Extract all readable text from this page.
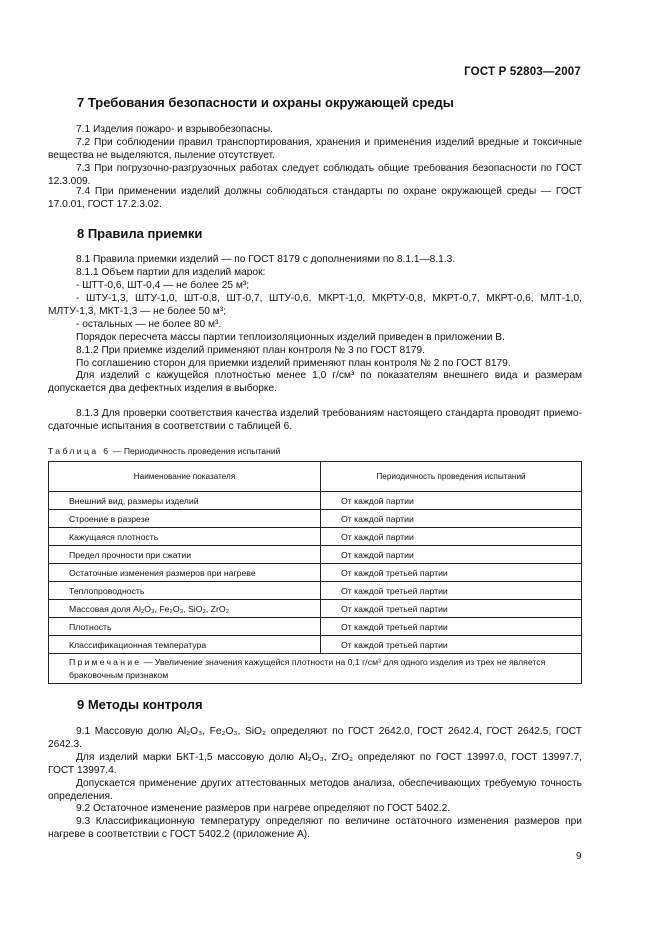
ГОСТ Р 52803—2007
7 Требования безопасности и охраны окружающей среды

7.1 Изделия пожаро- и взрывобезопасны.

7.2 При соблюдении правил транспортирования, хранения и применения изделий вредные и токсичные вещества не выделяются, пыление отсутствует.

7.3 При погрузочно-разгрузочных работах следует соблюдать общие требования безопасности по ГОСТ 12.3.009.

7.4 При применении изделий должны соблюдаться стандарты по охране окружающей среды — ГОСТ 17.0.01, ГОСТ 17.2.3.02.

8 Правила приемки

8.1 Правила приемки изделий — по ГОСТ 8179 с дополнениями по 8.1.1—8.1.3.

8.1.1 Объем партии для изделий марок:

- ШТТ-0,6, ШТ-0,4 — не более 25 м³;

- ШТУ-1,3, ШТУ-1,0, ШТ-0,8, ШТ-0,7, ШТУ-0,6, МКРТ-1,0, МКРТУ-0,8, МКРТ-0,7, МКРТ-0,6, МЛТ-1,0, МЛТУ-1,3, МКТ-1,3 — не более 50 м³;

- остальных — не более 80 м³.

Порядок пересчета массы партии теплоизоляционных изделий приведен в приложении В.

8.1.2 При приемке изделий применяют план контроля № 3 по ГОСТ 8179.

По соглашению сторон для приемки изделий применяют план контроля № 2 по ГОСТ 8179.

Для изделий с кажущейся плотностью менее 1,0 г/см³ по показателям внешнего вида и размерам допускается два дефектных изделия в выборке.

8.1.3 Для проверки соответствия качества изделий требованиям настоящего стандарта проводят приемо-сдаточные испытания в соответствии с таблицей 6.

Таблица 6 — Периодичность проведения испытаний
Наименование показателя	Периодичность проведения испытаний
Внешний вид, размеры изделий	От каждой партии
Строение в разрезе	От каждой партии
Кажущаяся плотность	От каждой партии
Предел прочности при сжатии	От каждой партии
Остаточные изменения размеров при нагреве	От каждой третьей партии
Теплопроводность	От каждой третьей партии
Массовая доля Al₂O₃, Fe₂O₃, SiO₂, ZrO₂	От каждой третьей партии
Плотность	От каждой третьей партии
Классификационная температура	От каждой третьей партии
Примечание — Увеличение значения кажущейся плотности на 0,1 г/см³ для одного изделия из трех не является браковочным признаком	
9 Методы контроля

9.1 Массовую долю Al₂O₃, Fe₂O₃, SiO₂ определяют по ГОСТ 2642.0, ГОСТ 2642.4, ГОСТ 2642.5, ГОСТ 2642.3.

Для изделий марки БКТ-1,5 массовую долю Al₂O₃, ZrO₂ определяют по ГОСТ 13997.0, ГОСТ 13997.7, ГОСТ 13997.4.

Допускается применение других аттестованных методов анализа, обеспечивающих требуемую точность определения.

9.2 Остаточное изменение размеров при нагреве определяют по ГОСТ 5402.2.

9.3 Классификационную температуру определяют по величине остаточного изменения размеров при нагреве в соответствии с ГОСТ 5402.2 (приложение А).

9
